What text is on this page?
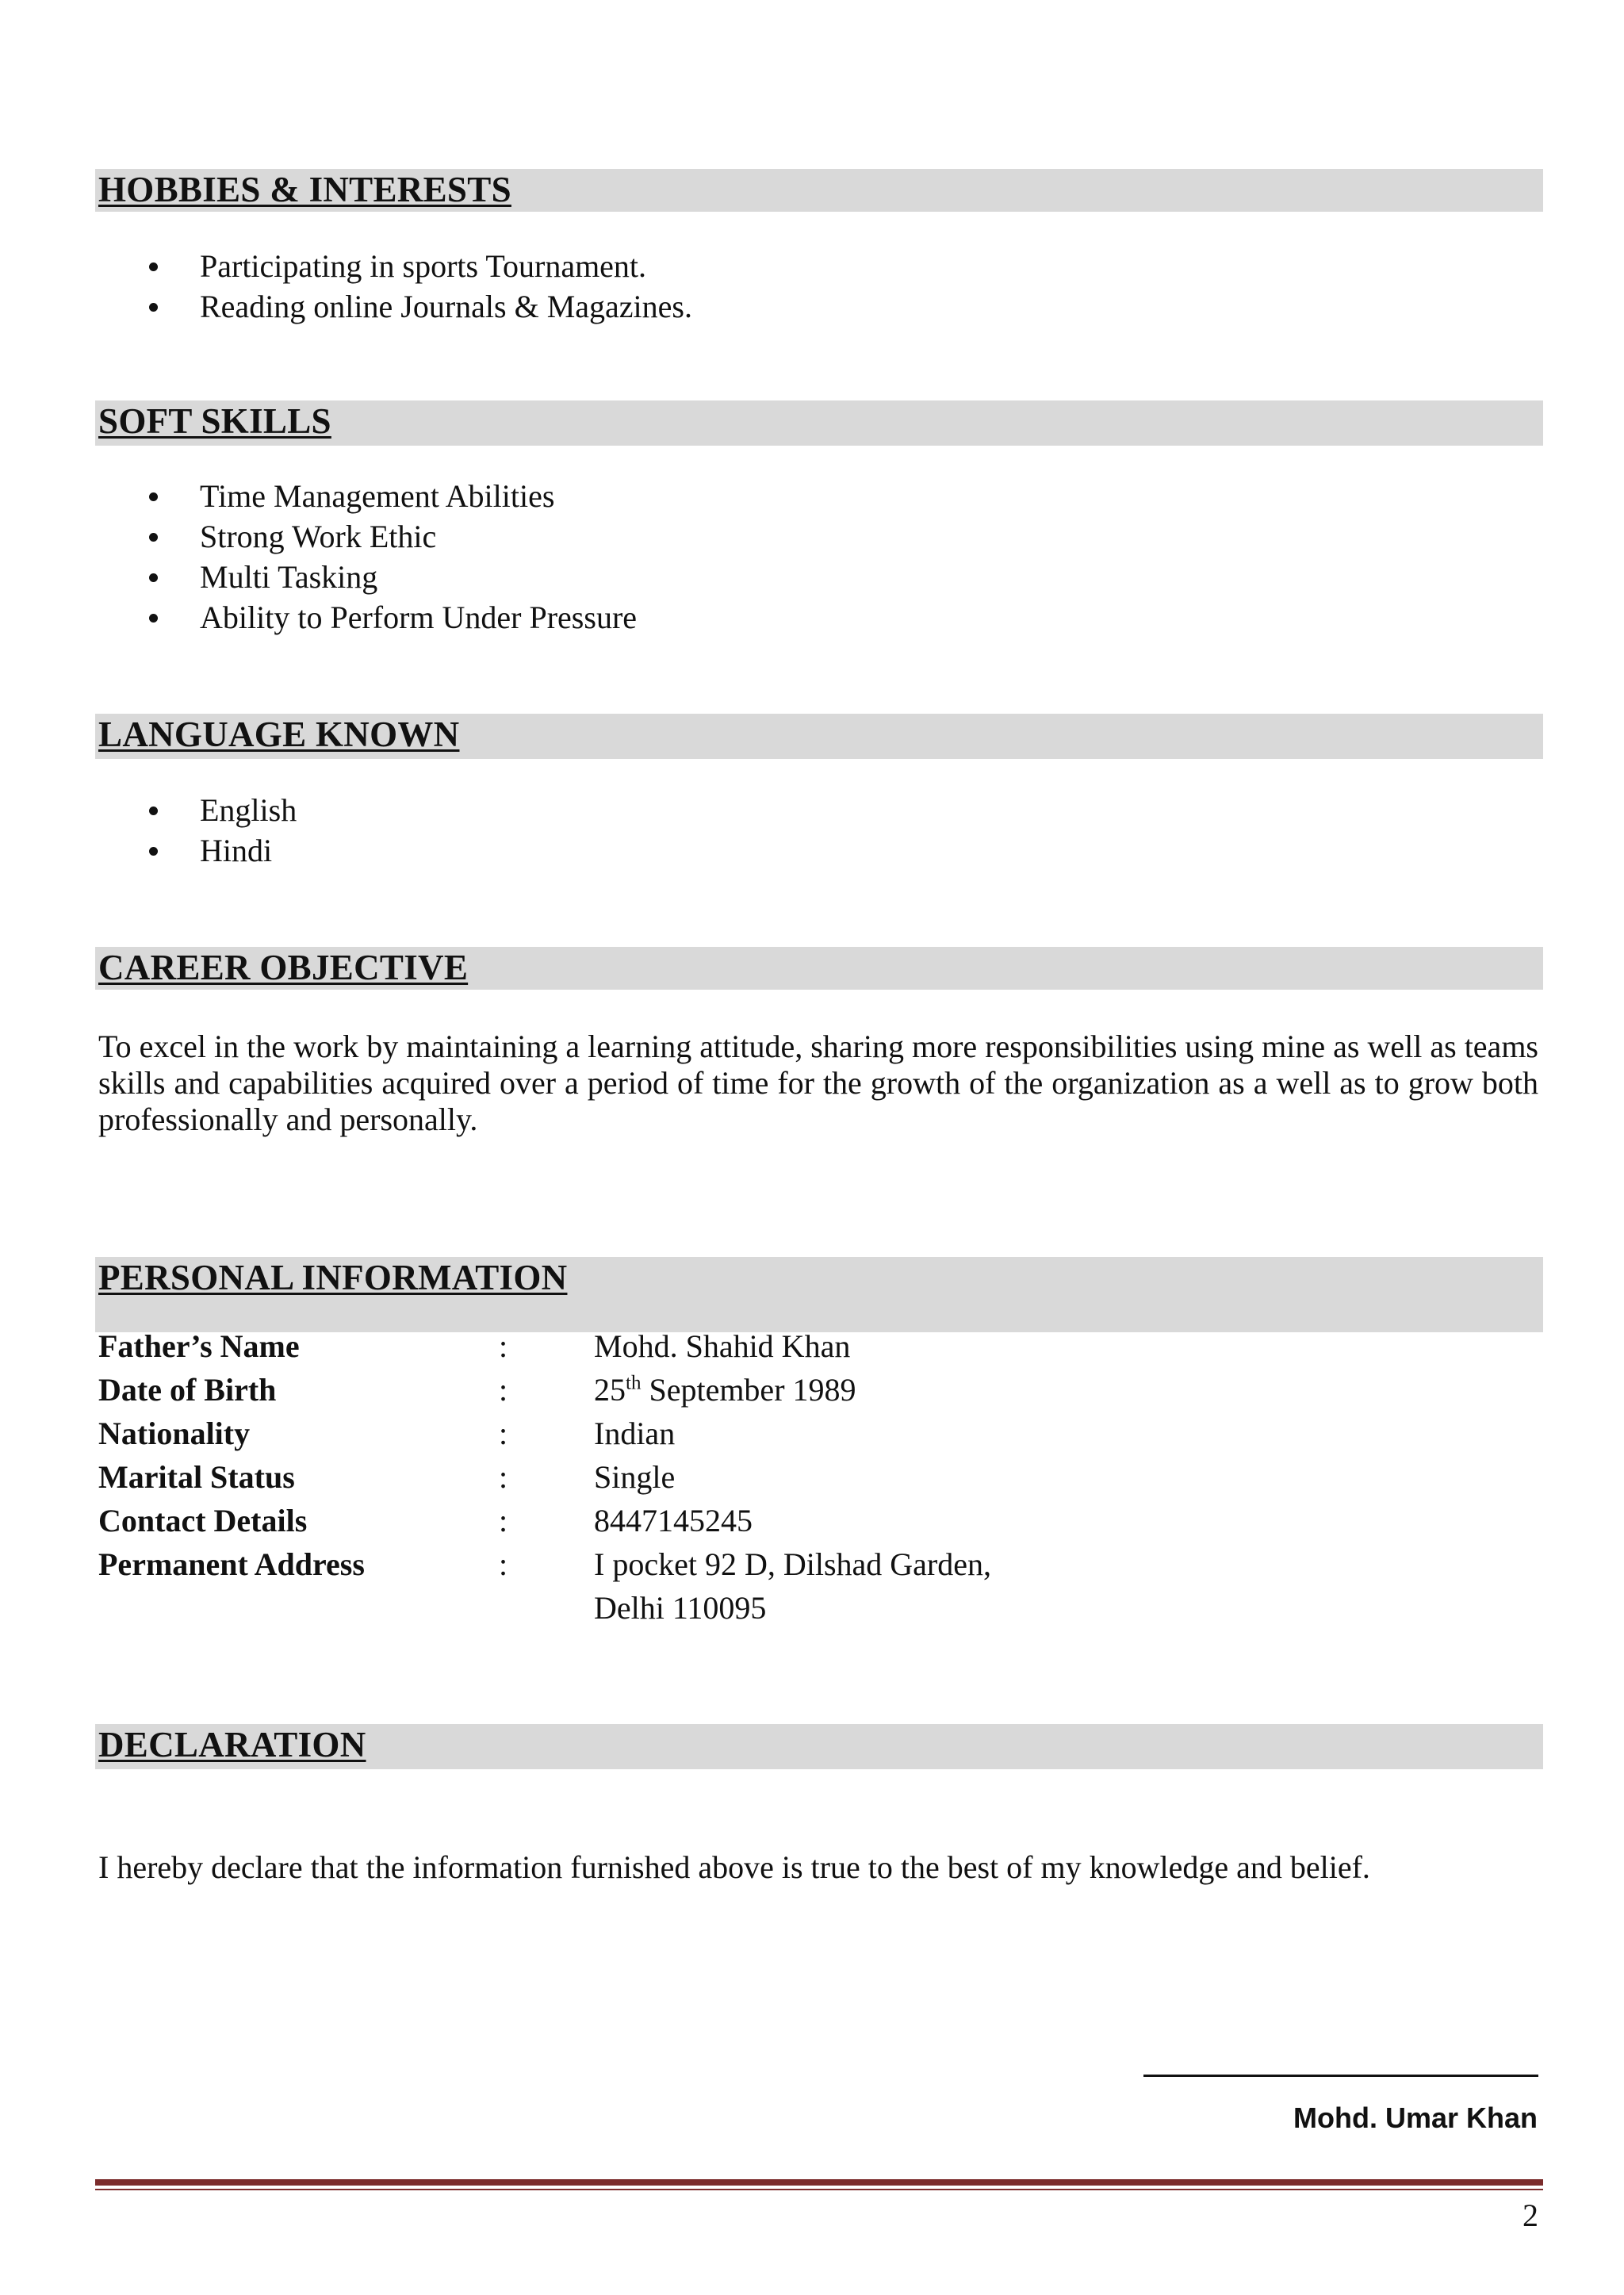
HOBBIES & INTERESTS
Participating in sports Tournament.
Reading online Journals & Magazines.
SOFT SKILLS
Time Management Abilities
Strong Work Ethic
Multi Tasking
Ability to Perform Under Pressure
LANGUAGE KNOWN
English
Hindi
CAREER OBJECTIVE

To excel in the work by maintaining a learning attitude, sharing more responsibilities using mine as well as teams skills and capabilities acquired over a period of time for the growth of the organization as a well as to grow both professionally and personally.

PERSONAL INFORMATION
Father’s Name	:	Mohd. Shahid Khan
Date of Birth	:	25th September 1989
Nationality	:	Indian
Marital Status	:	Single
Contact Details	:	8447145245
Permanent Address	:	I pocket 92 D, Dilshad Garden,
		Delhi 110095
DECLARATION

I hereby declare that the information furnished above is true to the best of my knowledge and belief.

Mohd. Umar Khan
2
